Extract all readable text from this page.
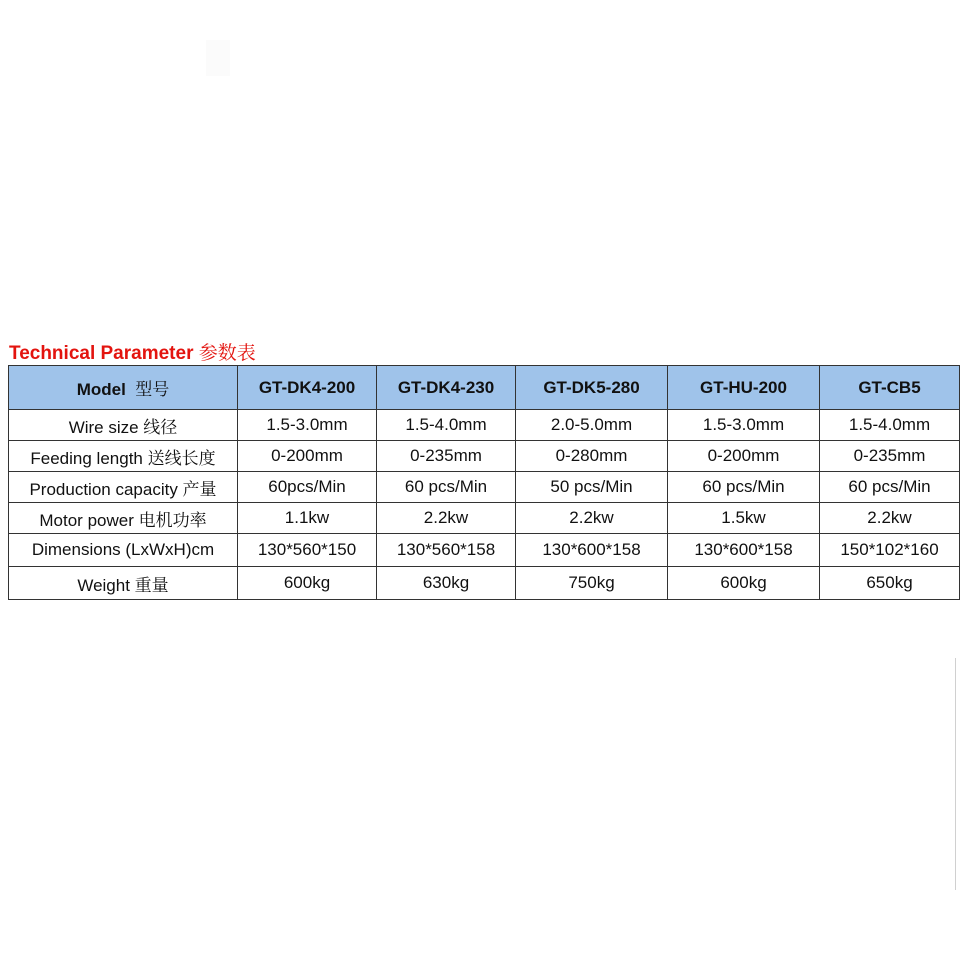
Technical Parameter 参数表
Model 型号	GT-DK4-200	GT-DK4-230	GT-DK5-280	GT-HU-200	GT-CB5
Wire size 线径	1.5-3.0mm	1.5-4.0mm	2.0-5.0mm	1.5-3.0mm	1.5-4.0mm
Feeding length 送线长度	0-200mm	0-235mm	0-280mm	0-200mm	0-235mm
Production capacity 产量	60pcs/Min	60 pcs/Min	50 pcs/Min	60 pcs/Min	60 pcs/Min
Motor power 电机功率	1.1kw	2.2kw	2.2kw	1.5kw	2.2kw
Dimensions (LxWxH)cm	130*560*150	130*560*158	130*600*158	130*600*158	150*102*160
Weight 重量	600kg	630kg	750kg	600kg	650kg
